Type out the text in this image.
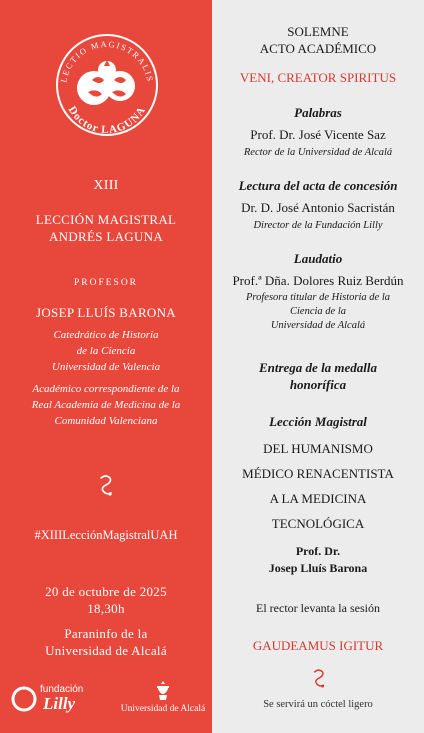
LECTIO MAGISTRALIS
Doctor LAGUNA
XIII
LECCIÓN MAGISTRAL
ANDRÉS LAGUNA
PROFESOR
JOSEP LLUÍS BARONA
Catedrático de Historia
de la Ciencia
Universidad de Valencia
Académico correspondiente de la
Real Academia de Medicina de la
Comunidad Valenciana
#XIIILecciónMagistralUAH
20 de octubre de 2025
18,30h
Paraninfo de la
Universidad de Alcalá
fundación
Lilly	Universidad de Alcalá
SOLEMNE
ACTO ACADÉMICO
VENI, CREATOR SPIRITUS
Palabras
Prof. Dr. José Vicente Saz
Rector de la Universidad de Alcalá
Lectura del acta de concesión
Dr. D. José Antonio Sacristán
Director de la Fundación Lilly
Laudatio
Prof.ª Dña. Dolores Ruiz Berdún
Profesora titular de Historia de la
Ciencia de la
Universidad de Alcalá
Entrega de la medalla
honorífica
Lección Magistral
DEL HUMANISMO
MÉDICO RENACENTISTA
A LA MEDICINA
TECNOLÓGICA
Prof. Dr.
Josep Lluís Barona
El rector levanta la sesión
GAUDEAMUS IGITUR
Se servirá un cóctel ligero
